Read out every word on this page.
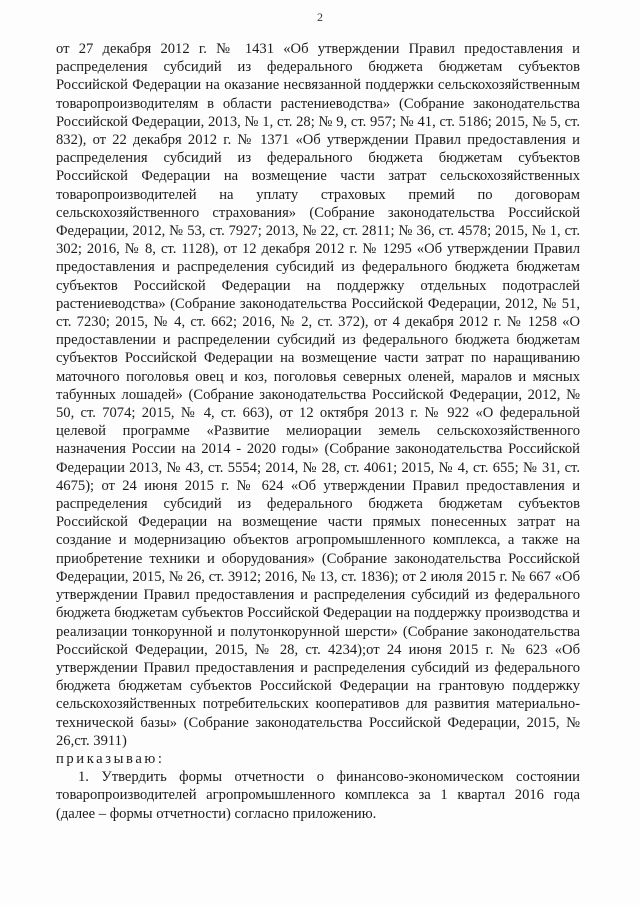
2

от 27 декабря 2012 г. № 1431 «Об утверждении Правил предоставления и распределения субсидий из федерального бюджета бюджетам субъектов Российской Федерации на оказание несвязанной поддержки сельскохозяйственным товаропроизводителям в области растениеводства» (Собрание законодательства Российской Федерации, 2013, № 1, ст. 28; № 9, ст. 957; № 41, ст. 5186; 2015, № 5, ст. 832), от 22 декабря 2012 г. № 1371 «Об утверждении Правил предоставления и распределения субсидий из федерального бюджета бюджетам субъектов Российской Федерации на возмещение части затрат сельскохозяйственных товаропроизводителей на уплату страховых премий по договорам сельскохозяйственного страхования» (Собрание законодательства Российской Федерации, 2012, № 53, ст. 7927; 2013, № 22, ст. 2811; № 36, ст. 4578; 2015, № 1, ст. 302; 2016, № 8, ст. 1128), от 12 декабря 2012 г. № 1295 «Об утверждении Правил предоставления и распределения субсидий из федерального бюджета бюджетам субъектов Российской Федерации на поддержку отдельных подотраслей растениеводства» (Собрание законодательства Российской Федерации, 2012, № 51, ст. 7230; 2015, № 4, ст. 662; 2016, № 2, ст. 372), от 4 декабря 2012 г. № 1258 «О предоставлении и распределении субсидий из федерального бюджета бюджетам субъектов Российской Федерации на возмещение части затрат по наращиванию маточного поголовья овец и коз, поголовья северных оленей, маралов и мясных табунных лошадей» (Собрание законодательства Российской Федерации, 2012, № 50, ст. 7074; 2015, № 4, ст. 663), от 12 октября 2013 г. № 922 «О федеральной целевой программе «Развитие мелиорации земель сельскохозяйственного назначения России на 2014 - 2020 годы» (Собрание законодательства Российской Федерации 2013, № 43, ст. 5554; 2014, № 28, ст. 4061; 2015, № 4, ст. 655; № 31, ст. 4675); от 24 июня 2015 г. № 624 «Об утверждении Правил предоставления и распределения субсидий из федерального бюджета бюджетам субъектов Российской Федерации на возмещение части прямых понесенных затрат на создание и модернизацию объектов агропромышленного комплекса, а также на приобретение техники и оборудования» (Собрание законодательства Российской Федерации, 2015, № 26, ст. 3912; 2016, № 13, ст. 1836); от 2 июля 2015 г. № 667 «Об утверждении Правил предоставления и распределения субсидий из федерального бюджета бюджетам субъектов Российской Федерации на поддержку производства и реализации тонкорунной и полутонкорунной шерсти» (Собрание законодательства Российской Федерации, 2015, № 28, ст. 4234);от 24 июня 2015 г. № 623 «Об утверждении Правил предоставления и распределения субсидий из федерального бюджета бюджетам субъектов Российской Федерации на грантовую поддержку сельскохозяйственных потребительских кооперативов для развития материально-технической базы» (Собрание законодательства Российской Федерации, 2015, № 26,ст. 3911)

приказываю:

1. Утвердить формы отчетности о финансово-экономическом состоянии товаропроизводителей агропромышленного комплекса за 1 квартал 2016 года (далее – формы отчетности) согласно приложению.
